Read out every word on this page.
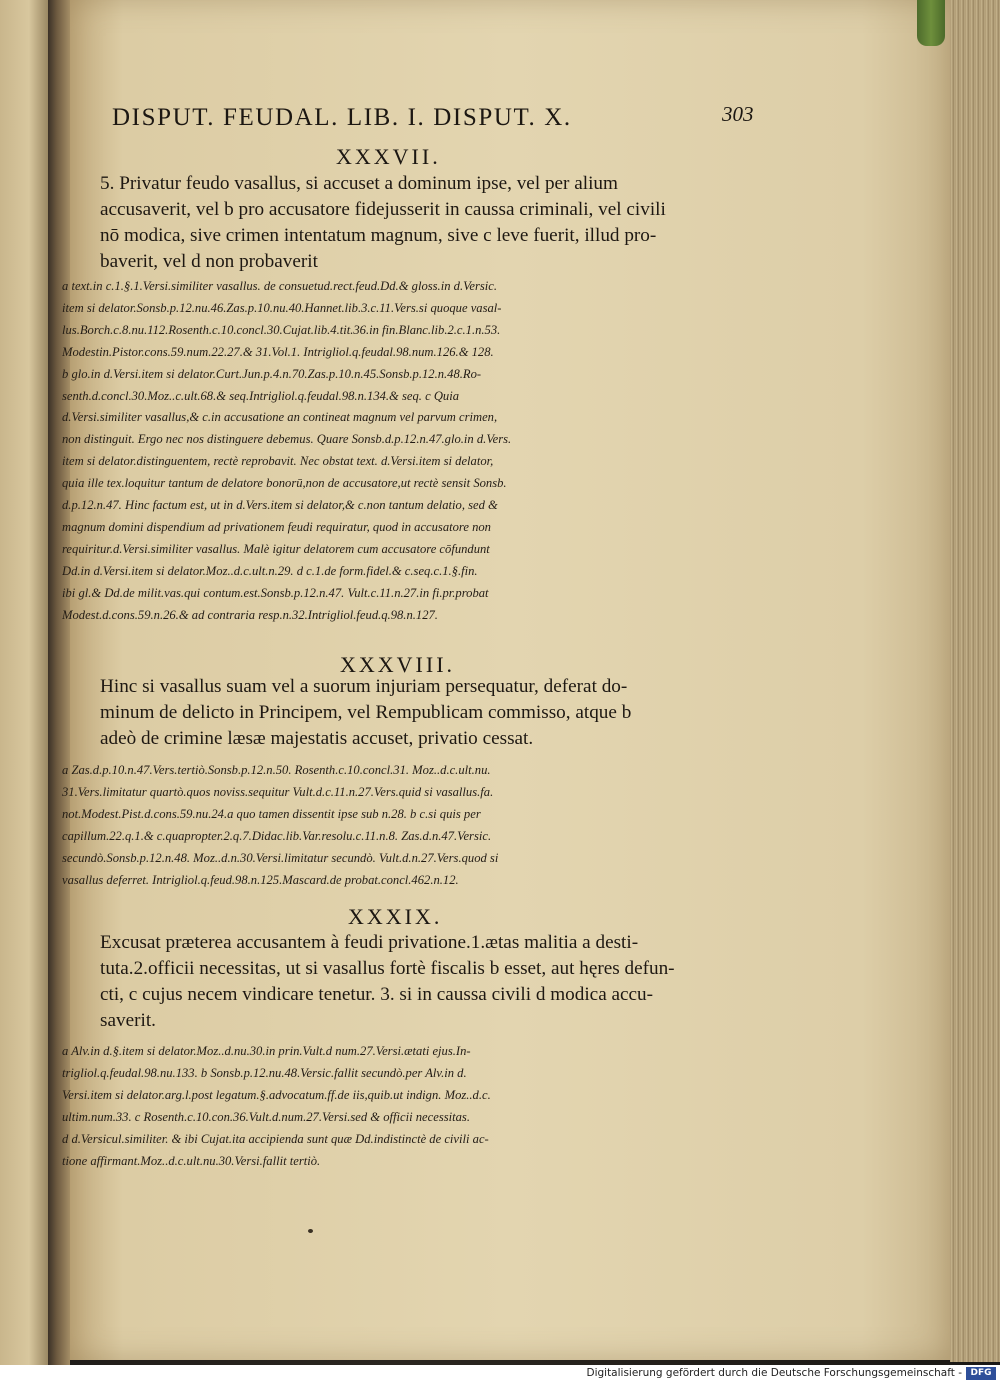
DISPUT. FEUDAL. LIB. I. DISPUT. X.	303
XXXVII.
5. Privatur feudo vasallus, si accuset a dominum ipse, vel per alium
accusaverit, vel b pro accusatore fidejusserit in caussa criminali, vel civili
nō modica, sive crimen intentatum magnum, sive c leve fuerit, illud pro-
baverit, vel d non probaverit
a text.in c.1.§.1.Versi.similiter vasallus. de consuetud.rect.feud.Dd.& gloss.in d.Versic.
item si delator.Sonsb.p.12.nu.46.Zas.p.10.nu.40.Hannet.lib.3.c.11.Vers.si quoque vasal-
lus.Borch.c.8.nu.112.Rosenth.c.10.concl.30.Cujat.lib.4.tit.36.in fin.Blanc.lib.2.c.1.n.53.
Modestin.Pistor.cons.59.num.22.27.& 31.Vol.1. Intrigliol.q.feudal.98.num.126.& 128.
b glo.in d.Versi.item si delator.Curt.Jun.p.4.n.70.Zas.p.10.n.45.Sonsb.p.12.n.48.Ro-
senth.d.concl.30.Moz..c.ult.68.& seq.Intrigliol.q.feudal.98.n.134.& seq. c Quia
d.Versi.similiter vasallus,& c.in accusatione an contineat magnum vel parvum crimen,
non distinguit. Ergo nec nos distinguere debemus. Quare Sonsb.d.p.12.n.47.glo.in d.Vers.
item si delator.distinguentem, rectè reprobavit. Nec obstat text. d.Versi.item si delator,
quia ille tex.loquitur tantum de delatore bonorū,non de accusatore,ut rectè sensit Sonsb.
d.p.12.n.47. Hinc factum est, ut in d.Vers.item si delator,& c.non tantum delatio, sed &
magnum domini dispendium ad privationem feudi requiratur, quod in accusatore non
requiritur.d.Versi.similiter vasallus. Malè igitur delatorem cum accusatore cōfundunt
Dd.in d.Versi.item si delator.Moz..d.c.ult.n.29. d c.1.de form.fidel.& c.seq.c.1.§.fin.
ibi gl.& Dd.de milit.vas.qui contum.est.Sonsb.p.12.n.47. Vult.c.11.n.27.in fi.pr.probat
Modest.d.cons.59.n.26.& ad contraria resp.n.32.Intrigliol.feud.q.98.n.127.
XXXVIII.
Hinc si vasallus suam vel a suorum injuriam persequatur, deferat do-
minum de delicto in Principem, vel Rempublicam commisso, atque b
adeò de crimine læsæ majestatis accuset, privatio cessat.
a Zas.d.p.10.n.47.Vers.tertiò.Sonsb.p.12.n.50. Rosenth.c.10.concl.31. Moz..d.c.ult.nu.
31.Vers.limitatur quartò.quos noviss.sequitur Vult.d.c.11.n.27.Vers.quid si vasallus.fa.
not.Modest.Pist.d.cons.59.nu.24.a quo tamen dissentit ipse sub n.28. b c.si quis per
capillum.22.q.1.& c.quapropter.2.q.7.Didac.lib.Var.resolu.c.11.n.8. Zas.d.n.47.Versic.
secundò.Sonsb.p.12.n.48. Moz..d.n.30.Versi.limitatur secundò. Vult.d.n.27.Vers.quod si
vasallus deferret. Intrigliol.q.feud.98.n.125.Mascard.de probat.concl.462.n.12.
XXXIX.
Excusat præterea accusantem à feudi privatione.1.ætas malitia a desti-
tuta.2.officii necessitas, ut si vasallus fortè fiscalis b esset, aut hęres defun-
cti, c cujus necem vindicare tenetur. 3. si in caussa civili d modica accu-
saverit.
a Alv.in d.§.item si delator.Moz..d.nu.30.in prin.Vult.d num.27.Versi.ætati ejus.In-
trigliol.q.feudal.98.nu.133. b Sonsb.p.12.nu.48.Versic.fallit secundò.per Alv.in d.
Versi.item si delator.arg.l.post legatum.§.advocatum.ff.de iis,quib.ut indign. Moz..d.c.
ultim.num.33. c Rosenth.c.10.con.36.Vult.d.num.27.Versi.sed & officii necessitas.
d d.Versicul.similiter. & ibi Cujat.ita accipienda sunt quæ Dd.indistinctè de civili ac-
tione affirmant.Moz..d.c.ult.nu.30.Versi.fallit tertiò.
Digitalisierung gefördert durch die Deutsche Forschungsgemeinschaft - DFG
